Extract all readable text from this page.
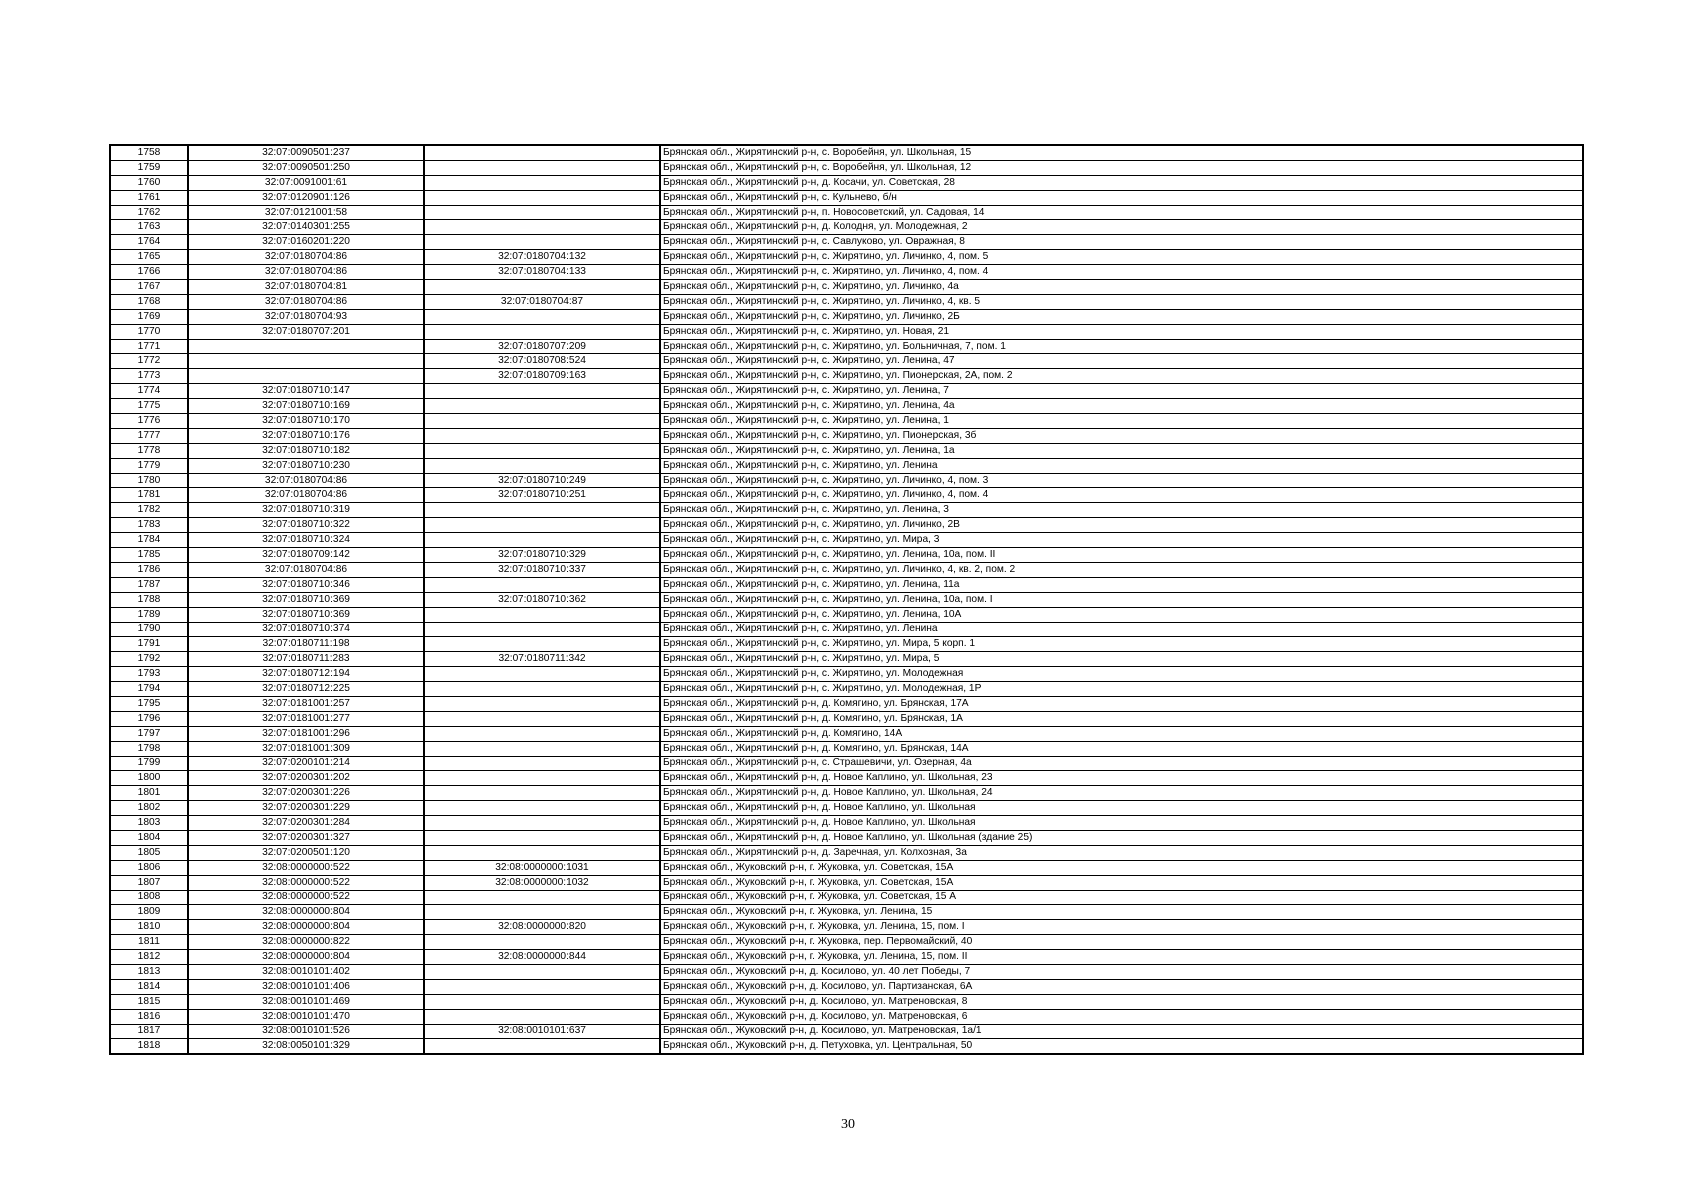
1758	32:07:0090501:237		Брянская обл., Жирятинский р-н, с. Воробейня, ул. Школьная, 15
1759	32:07:0090501:250		Брянская обл., Жирятинский р-н, с. Воробейня, ул. Школьная, 12
1760	32:07:0091001:61		Брянская обл., Жирятинский р-н, д. Косачи, ул. Советская, 28
1761	32:07:0120901:126		Брянская обл., Жирятинский р-н, с. Кульнево, б/н
1762	32:07:0121001:58		Брянская обл., Жирятинский р-н, п. Новосоветский, ул. Садовая, 14
1763	32:07:0140301:255		Брянская обл., Жирятинский р-н, д. Колодня, ул. Молодежная, 2
1764	32:07:0160201:220		Брянская обл., Жирятинский р-н, с. Савлуково, ул. Овражная, 8
1765	32:07:0180704:86	32:07:0180704:132	Брянская обл., Жирятинский р-н, с. Жирятино, ул. Личинко, 4, пом. 5
1766	32:07:0180704:86	32:07:0180704:133	Брянская обл., Жирятинский р-н, с. Жирятино, ул. Личинко, 4, пом. 4
1767	32:07:0180704:81		Брянская обл., Жирятинский р-н, с. Жирятино, ул. Личинко, 4а
1768	32:07:0180704:86	32:07:0180704:87	Брянская обл., Жирятинский р-н, с. Жирятино, ул. Личинко, 4, кв. 5
1769	32:07:0180704:93		Брянская обл., Жирятинский р-н, с. Жирятино, ул. Личинко, 2Б
1770	32:07:0180707:201		Брянская обл., Жирятинский р-н, с. Жирятино, ул. Новая, 21
1771		32:07:0180707:209	Брянская обл., Жирятинский р-н, с. Жирятино, ул. Больничная, 7, пом. 1
1772		32:07:0180708:524	Брянская обл., Жирятинский р-н, с. Жирятино, ул. Ленина, 47
1773		32:07:0180709:163	Брянская обл., Жирятинский р-н, с. Жирятино, ул. Пионерская, 2А, пом. 2
1774	32:07:0180710:147		Брянская обл., Жирятинский р-н, с. Жирятино, ул. Ленина, 7
1775	32:07:0180710:169		Брянская обл., Жирятинский р-н, с. Жирятино, ул. Ленина, 4а
1776	32:07:0180710:170		Брянская обл., Жирятинский р-н, с. Жирятино, ул. Ленина, 1
1777	32:07:0180710:176		Брянская обл., Жирятинский р-н, с. Жирятино, ул. Пионерская, 3б
1778	32:07:0180710:182		Брянская обл., Жирятинский р-н, с. Жирятино, ул. Ленина, 1а
1779	32:07:0180710:230		Брянская обл., Жирятинский р-н, с. Жирятино, ул. Ленина
1780	32:07:0180704:86	32:07:0180710:249	Брянская обл., Жирятинский р-н, с. Жирятино, ул. Личинко, 4, пом. 3
1781	32:07:0180704:86	32:07:0180710:251	Брянская обл., Жирятинский р-н, с. Жирятино, ул. Личинко, 4, пом. 4
1782	32:07:0180710:319		Брянская обл., Жирятинский р-н, с. Жирятино, ул. Ленина, 3
1783	32:07:0180710:322		Брянская обл., Жирятинский р-н, с. Жирятино, ул. Личинко, 2В
1784	32:07:0180710:324		Брянская обл., Жирятинский р-н, с. Жирятино, ул. Мира, 3
1785	32:07:0180709:142	32:07:0180710:329	Брянская обл., Жирятинский р-н, с. Жирятино, ул. Ленина, 10а, пом. II
1786	32:07:0180704:86	32:07:0180710:337	Брянская обл., Жирятинский р-н, с. Жирятино, ул. Личинко, 4, кв. 2, пом. 2
1787	32:07:0180710:346		Брянская обл., Жирятинский р-н, с. Жирятино, ул. Ленина, 11а
1788	32:07:0180710:369	32:07:0180710:362	Брянская обл., Жирятинский р-н, с. Жирятино, ул. Ленина, 10а, пом. I
1789	32:07:0180710:369		Брянская обл., Жирятинский р-н, с. Жирятино, ул. Ленина, 10А
1790	32:07:0180710:374		Брянская обл., Жирятинский р-н, с. Жирятино, ул. Ленина
1791	32:07:0180711:198		Брянская обл., Жирятинский р-н, с. Жирятино, ул. Мира, 5 корп. 1
1792	32:07:0180711:283	32:07:0180711:342	Брянская обл., Жирятинский р-н, с. Жирятино, ул. Мира, 5
1793	32:07:0180712:194		Брянская обл., Жирятинский р-н, с. Жирятино, ул. Молодежная
1794	32:07:0180712:225		Брянская обл., Жирятинский р-н, с. Жирятино, ул. Молодежная, 1Р
1795	32:07:0181001:257		Брянская обл., Жирятинский р-н, д. Комягино, ул. Брянская, 17А
1796	32:07:0181001:277		Брянская обл., Жирятинский р-н, д. Комягино, ул. Брянская, 1А
1797	32:07:0181001:296		Брянская обл., Жирятинский р-н, д. Комягино, 14А
1798	32:07:0181001:309		Брянская обл., Жирятинский р-н, д. Комягино, ул. Брянская, 14А
1799	32:07:0200101:214		Брянская обл., Жирятинский р-н, с. Страшевичи, ул. Озерная, 4а
1800	32:07:0200301:202		Брянская обл., Жирятинский р-н, д. Новое Каплино, ул. Школьная, 23
1801	32:07:0200301:226		Брянская обл., Жирятинский р-н, д. Новое Каплино, ул. Школьная, 24
1802	32:07:0200301:229		Брянская обл., Жирятинский р-н, д. Новое Каплино, ул. Школьная
1803	32:07:0200301:284		Брянская обл., Жирятинский р-н, д. Новое Каплино, ул. Школьная
1804	32:07:0200301:327		Брянская обл., Жирятинский р-н, д. Новое Каплино, ул. Школьная (здание 25)
1805	32:07:0200501:120		Брянская обл., Жирятинский р-н, д. Заречная, ул. Колхозная, 3а
1806	32:08:0000000:522	32:08:0000000:1031	Брянская обл., Жуковский р-н, г. Жуковка, ул. Советская, 15А
1807	32:08:0000000:522	32:08:0000000:1032	Брянская обл., Жуковский р-н, г. Жуковка, ул. Советская, 15А
1808	32:08:0000000:522		Брянская обл., Жуковский р-н, г. Жуковка, ул. Советская, 15 А
1809	32:08:0000000:804		Брянская обл., Жуковский р-н, г. Жуковка, ул. Ленина, 15
1810	32:08:0000000:804	32:08:0000000:820	Брянская обл., Жуковский р-н, г. Жуковка, ул. Ленина, 15, пом. I
1811	32:08:0000000:822		Брянская обл., Жуковский р-н, г. Жуковка, пер. Первомайский, 40
1812	32:08:0000000:804	32:08:0000000:844	Брянская обл., Жуковский р-н, г. Жуковка, ул. Ленина, 15, пом. II
1813	32:08:0010101:402		Брянская обл., Жуковский р-н, д. Косилово, ул. 40 лет Победы, 7
1814	32:08:0010101:406		Брянская обл., Жуковский р-н, д. Косилово, ул. Партизанская, 6А
1815	32:08:0010101:469		Брянская обл., Жуковский р-н, д. Косилово, ул. Матреновская, 8
1816	32:08:0010101:470		Брянская обл., Жуковский р-н, д. Косилово, ул. Матреновская, 6
1817	32:08:0010101:526	32:08:0010101:637	Брянская обл., Жуковский р-н, д. Косилово, ул. Матреновская, 1а/1
1818	32:08:0050101:329		Брянская обл., Жуковский р-н, д. Петуховка, ул. Центральная, 50
30
